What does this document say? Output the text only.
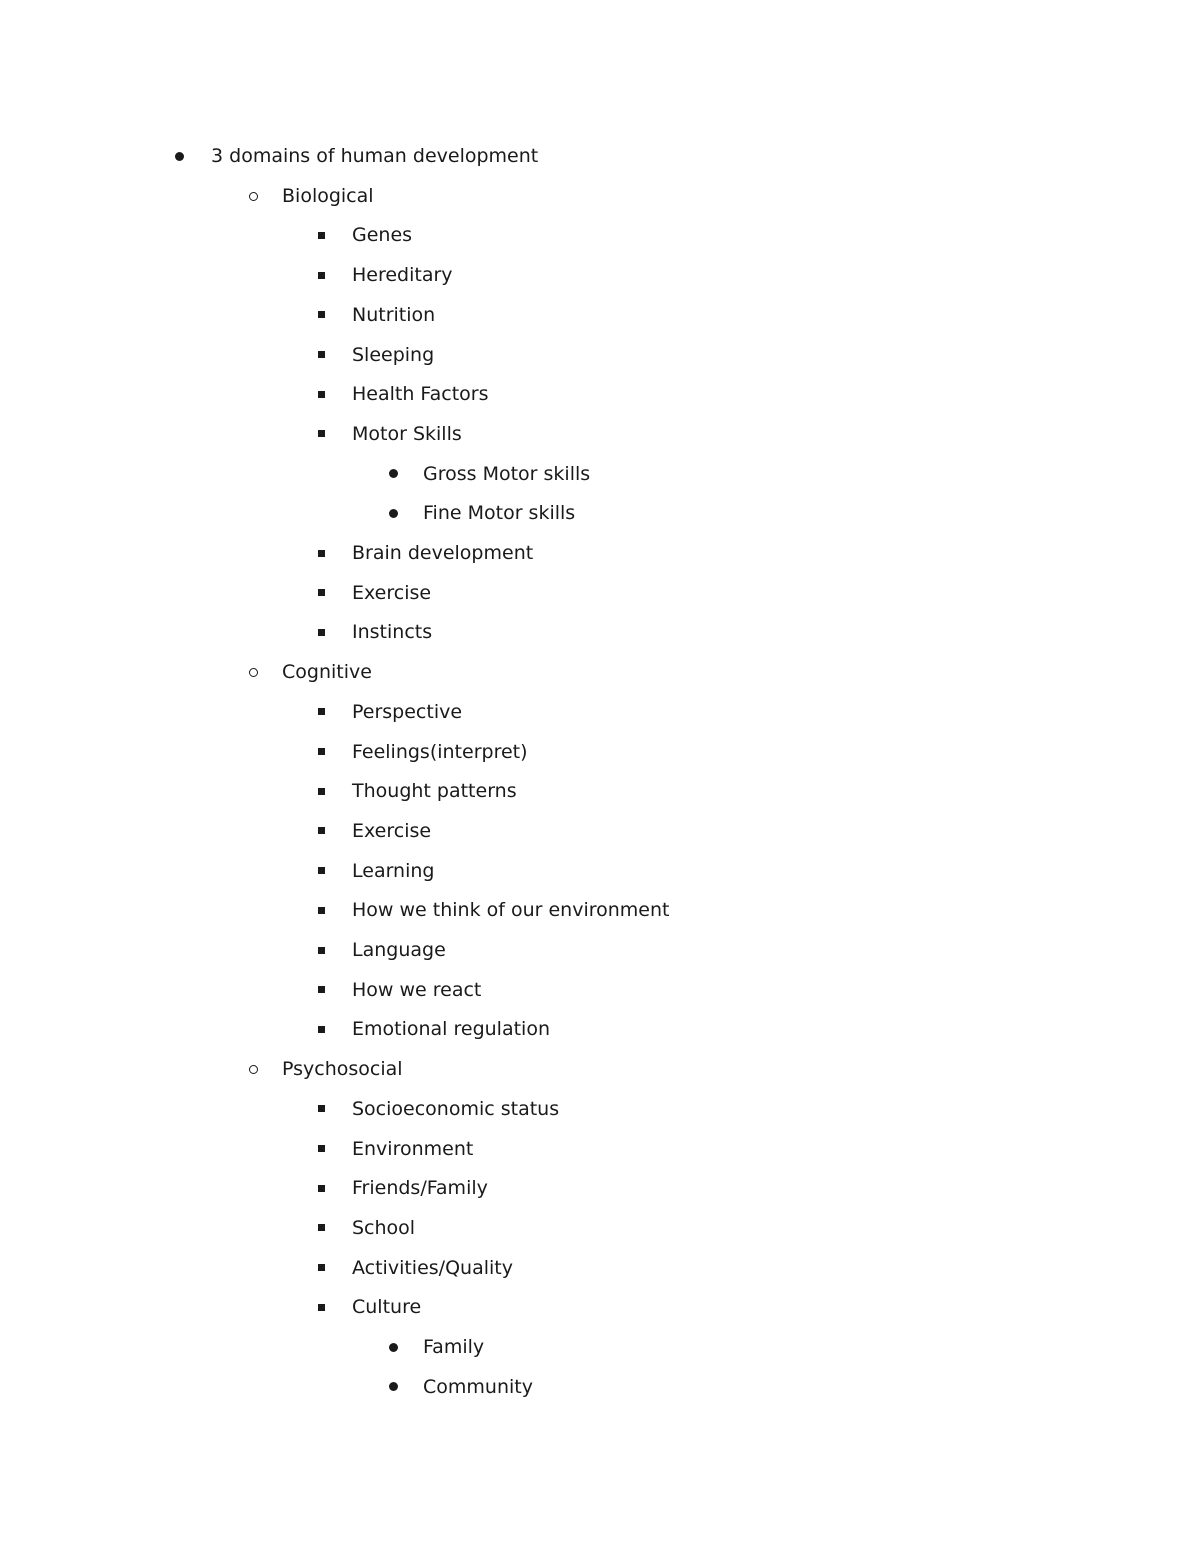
3 domains of human development
Biological
Genes
Hereditary
Nutrition
Sleeping
Health Factors
Motor Skills
Gross Motor skills
Fine Motor skills
Brain development
Exercise
Instincts
Cognitive
Perspective
Feelings(interpret)
Thought patterns
Exercise
Learning
How we think of our environment
Language
How we react
Emotional regulation
Psychosocial
Socioeconomic status
Environment
Friends/Family
School
Activities/Quality
Culture
Family
Community
